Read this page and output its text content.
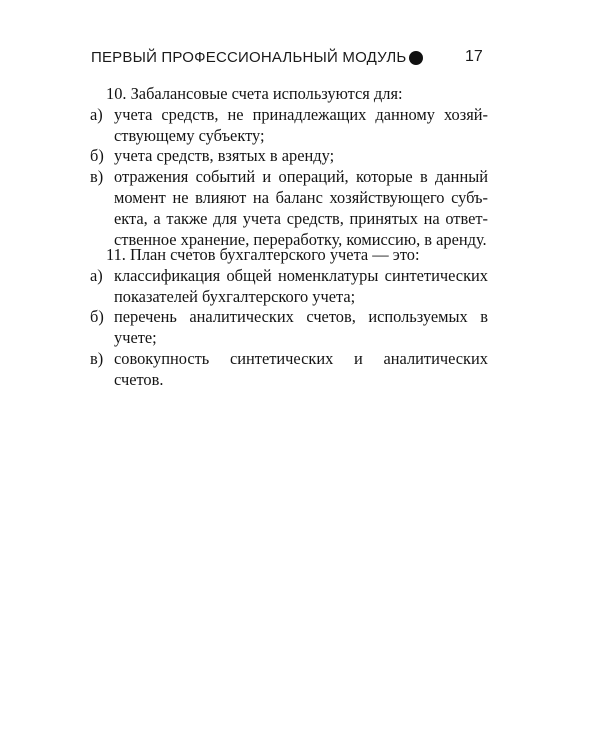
ПЕРВЫЙ ПРОФЕССИОНАЛЬНЫЙ МОДУЛЬ	17
10. Забалансовые счета используются для:
а) учета средств, не принадлежащих данному хозяй-
ствующему субъекту;
б) учета средств, взятых в аренду;
в) отражения событий и операций, которые в данный
момент не влияют на баланс хозяйствующего субъ-
екта, а также для учета средств, принятых на ответ-
ственное хранение, переработку, комиссию, в аренду.
11. План счетов бухгалтерского учета — это:
а) классификация общей номенклатуры синтетических
показателей бухгалтерского учета;
б) перечень аналитических счетов, используемых в
учете;
в) совокупность синтетических и аналитических счетов.
